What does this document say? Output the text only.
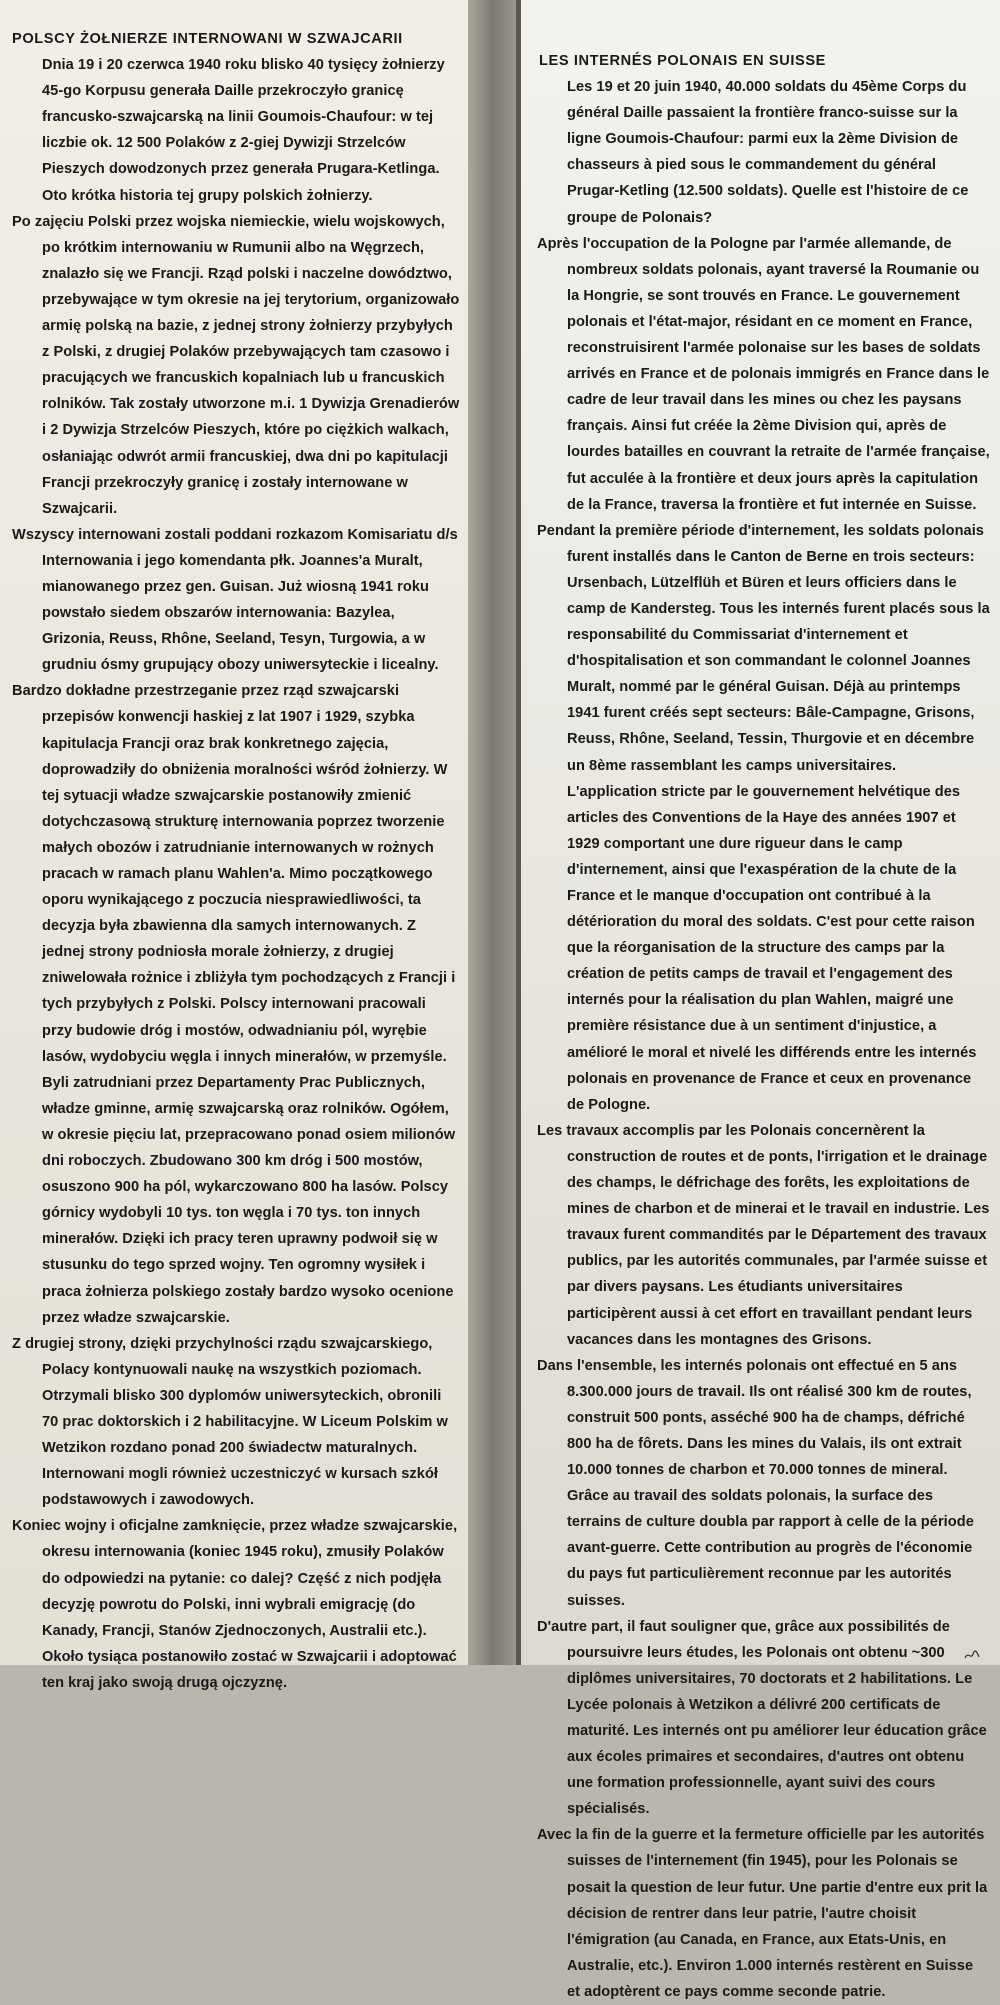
POLSCY ŻOŁNIERZE INTERNOWANI W SZWAJCARII

Dnia 19 i 20 czerwca 1940 roku blisko 40 tysięcy żołnierzy 45-go Korpusu generała Daille przekroczyło granicę francusko-szwajcarską na linii Goumois-Chaufour: w tej liczbie ok. 12 500 Polaków z 2-giej Dywizji Strzelców Pieszych dowodzonych przez generała Prugara-Ketlinga. Oto krótka historia tej grupy polskich żołnierzy.

Po zajęciu Polski przez wojska niemieckie, wielu wojskowych, po krótkim internowaniu w Rumunii albo na Węgrzech, znalazło się we Francji. Rząd polski i naczelne dowództwo, przebywające w tym okresie na jej terytorium, organizowało armię polską na bazie, z jednej strony żołnierzy przybyłych z Polski, z drugiej Polaków przebywających tam czasowo i pracujących we francuskich kopalniach lub u francuskich rolników. Tak zostały utworzone m.i. 1 Dywizja Grenadierów i 2 Dywizja Strzelców Pieszych, które po ciężkich walkach, osłaniając odwrót armii francuskiej, dwa dni po kapitulacji Francji przekroczyły granicę i zostały internowane w Szwajcarii.

Wszyscy internowani zostali poddani rozkazom Komisariatu d/s Internowania i jego komendanta płk. Joannes'a Muralt, mianowanego przez gen. Guisan. Już wiosną 1941 roku powstało siedem obszarów internowania: Bazylea, Grizonia, Reuss, Rhône, Seeland, Tesyn, Turgowia, a w grudniu ósmy grupujący obozy uniwersyteckie i licealny.

Bardzo dokładne przestrzeganie przez rząd szwajcarski przepisów konwencji haskiej z lat 1907 i 1929, szybka kapitulacja Francji oraz brak konkretnego zajęcia, doprowadziły do obniżenia moralności wśród żołnierzy. W tej sytuacji władze szwajcarskie postanowiły zmienić dotychczasową strukturę internowania poprzez tworzenie małych obozów i zatrudnianie internowanych w rożnych pracach w ramach planu Wahlen'a. Mimo początkowego oporu wynikającego z poczucia niesprawiedliwości, ta decyzja była zbawienna dla samych internowanych. Z jednej strony podniosła morale żołnierzy, z drugiej zniwelowała rożnice i zbliżyła tym pochodzących z Francji i tych przybyłych z Polski. Polscy internowani pracowali przy budowie dróg i mostów, odwadnianiu pól, wyrębie lasów, wydobyciu węgla i innych minerałów, w przemyśle. Byli zatrudniani przez Departamenty Prac Publicznych, władze gminne, armię szwajcarską oraz rolników. Ogółem, w okresie pięciu lat, przepracowano ponad osiem milionów dni roboczych. Zbudowano 300 km dróg i 500 mostów, osuszono 900 ha pól, wykarczowano 800 ha lasów. Polscy górnicy wydobyli 10 tys. ton węgla i 70 tys. ton innych minerałów. Dzięki ich pracy teren uprawny podwoił się w stusunku do tego sprzed wojny. Ten ogromny wysiłek i praca żołnierza polskiego zostały bardzo wysoko ocenione przez władze szwajcarskie.

Z drugiej strony, dzięki przychylności rządu szwajcarskiego, Polacy kontynuowali naukę na wszystkich poziomach. Otrzymali blisko 300 dyplomów uniwersyteckich, obronili 70 prac doktorskich i 2 habilitacyjne. W Liceum Polskim w Wetzikon rozdano ponad 200 świadectw maturalnych. Internowani mogli również uczestniczyć w kursach szkół podstawowych i zawodowych.

Koniec wojny i oficjalne zamknięcie, przez władze szwajcarskie, okresu internowania (koniec 1945 roku), zmusiły Polaków do odpowiedzi na pytanie: co dalej? Część z nich podjęła decyzję powrotu do Polski, inni wybrali emigrację (do Kanady, Francji, Stanów Zjednoczonych, Australii etc.). Około tysiąca postanowiło zostać w Szwajcarii i adoptować ten kraj jako swoją drugą ojczyznę.

LES INTERNÉS POLONAIS EN SUISSE

Les 19 et 20 juin 1940, 40.000 soldats du 45ème Corps du général Daille passaient la frontière franco-suisse sur la ligne Goumois-Chaufour: parmi eux la 2ème Division de chasseurs à pied sous le commandement du général Prugar-Ketling (12.500 soldats). Quelle est l'histoire de ce groupe de Polonais?

Après l'occupation de la Pologne par l'armée allemande, de nombreux soldats polonais, ayant traversé la Roumanie ou la Hongrie, se sont trouvés en France. Le gouvernement polonais et l'état-major, résidant en ce moment en France, reconstruisirent l'armée polonaise sur les bases de soldats arrivés en France et de polonais immigrés en France dans le cadre de leur travail dans les mines ou chez les paysans français. Ainsi fut créée la 2ème Division qui, après de lourdes batailles en couvrant la retraite de l'armée française, fut acculée à la frontière et deux jours après la capitulation de la France, traversa la frontière et fut internée en Suisse.

Pendant la première période d'internement, les soldats polonais furent installés dans le Canton de Berne en trois secteurs: Ursenbach, Lützelflüh et Büren et leurs officiers dans le camp de Kandersteg. Tous les internés furent placés sous la responsabilité du Commissariat d'internement et d'hospitalisation et son commandant le colonnel Joannes Muralt, nommé par le général Guisan. Déjà au printemps 1941 furent créés sept secteurs: Bâle-Campagne, Grisons, Reuss, Rhône, Seeland, Tessin, Thurgovie et en décembre un 8ème rassemblant les camps universitaires. L'application stricte par le gouvernement helvétique des articles des Conventions de la Haye des années 1907 et 1929 comportant une dure rigueur dans le camp d'internement, ainsi que l'exaspération de la chute de la France et le manque d'occupation ont contribué à la détérioration du moral des soldats. C'est pour cette raison que la réorganisation de la structure des camps par la création de petits camps de travail et l'engagement des internés pour la réalisation du plan Wahlen, maigré une première résistance due à un sentiment d'injustice, a amélioré le moral et nivelé les différends entre les internés polonais en provenance de France et ceux en provenance de Pologne.

Les travaux accomplis par les Polonais concernèrent la construction de routes et de ponts, l'irrigation et le drainage des champs, le défrichage des forêts, les exploitations de mines de charbon et de minerai et le travail en industrie. Les travaux furent commandités par le Département des travaux publics, par les autorités communales, par l'armée suisse et par divers paysans. Les étudiants universitaires participèrent aussi à cet effort en travaillant pendant leurs vacances dans les montagnes des Grisons.

Dans l'ensemble, les internés polonais ont effectué en 5 ans 8.300.000 jours de travail. Ils ont réalisé 300 km de routes, construit 500 ponts, asséché 900 ha de champs, défriché 800 ha de fôrets. Dans les mines du Valais, ils ont extrait 10.000 tonnes de charbon et 70.000 tonnes de mineral. Grâce au travail des soldats polonais, la surface des terrains de culture doubla par rapport à celle de la période avant-guerre. Cette contribution au progrès de l'économie du pays fut particulièrement reconnue par les autorités suisses.

D'autre part, il faut souligner que, grâce aux possibilités de poursuivre leurs études, les Polonais ont obtenu ~300 diplômes universitaires, 70 doctorats et 2 habilitations. Le Lycée polonais à Wetzikon a délivré 200 certificats de maturité. Les internés ont pu améliorer leur éducation grâce aux écoles primaires et secondaires, d'autres ont obtenu une formation professionnelle, ayant suivi des cours spécialisés.

Avec la fin de la guerre et la fermeture officielle par les autorités suisses de l'internement (fin 1945), pour les Polonais se posait la question de leur futur. Une partie d'entre eux prit la décision de rentrer dans leur patrie, l'autre choisit l'émigration (au Canada, en France, aux Etats-Unis, en Australie, etc.). Environ 1.000 internés restèrent en Suisse et adoptèrent ce pays comme seconde patrie.
